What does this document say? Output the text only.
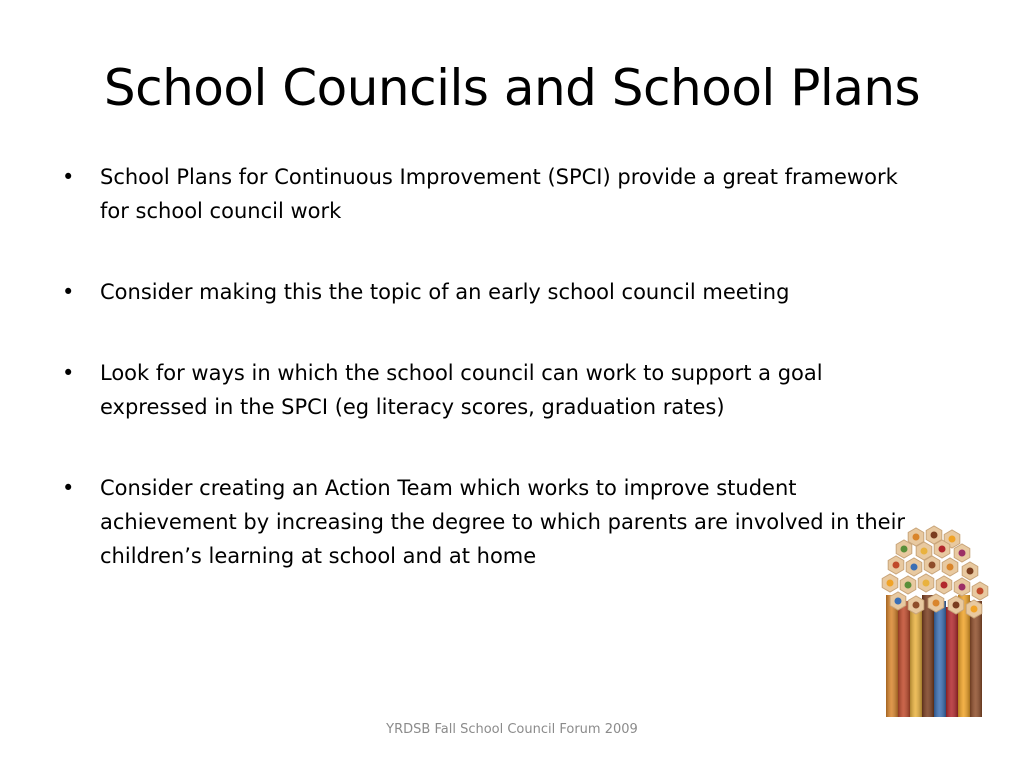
School Councils and School Plans
• School Plans for Continuous Improvement (SPCI) provide a great framework for school council work
• Consider making this the topic of an early school council meeting
• Look for ways in which the school council can work to support a goal expressed in the SPCI (eg literacy scores, graduation rates)
• Consider creating an Action Team which works to improve student achievement by increasing the degree to which parents are involved in their children’s learning at school and at home
YRDSB Fall School Council Forum 2009
